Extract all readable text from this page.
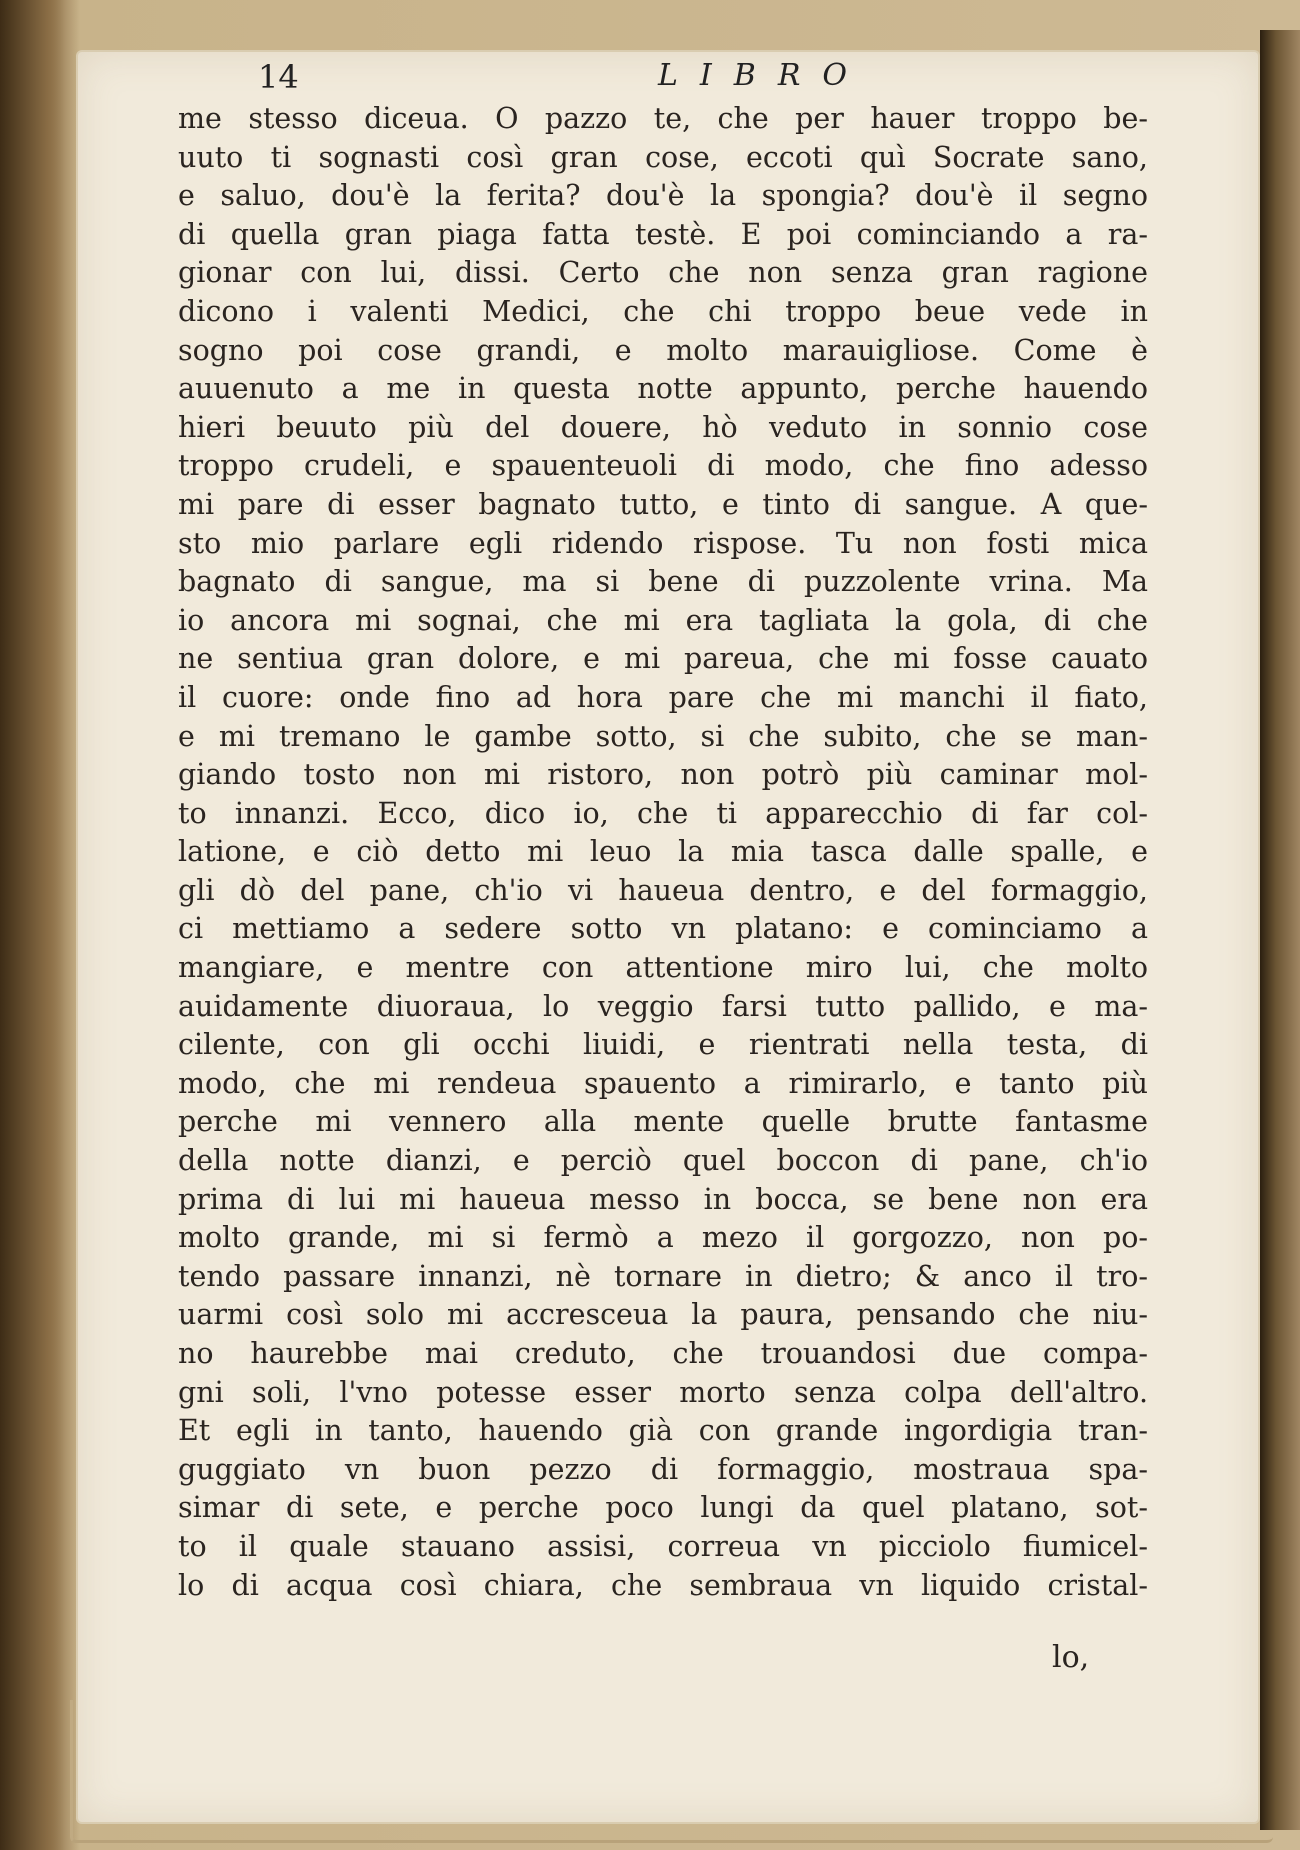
14	LIBRO
me stesso diceua. O pazzo te, che per hauer troppo be-
uuto ti sognasti così gran cose, eccoti quì Socrate sano,
e saluo, dou'è la ferita? dou'è la spongia? dou'è il segno
di quella gran piaga fatta testè. E poi cominciando a ra-
gionar con lui, dissi. Certo che non senza gran ragione
dicono i valenti Medici, che chi troppo beue vede in
sogno poi cose grandi, e molto marauigliose. Come è
auuenuto a me in questa notte appunto, perche hauendo
hieri beuuto più del douere, hò veduto in sonnio cose
troppo crudeli, e spauenteuoli di modo, che fino adesso
mi pare di esser bagnato tutto, e tinto di sangue. A que-
sto mio parlare egli ridendo rispose. Tu non fosti mica
bagnato di sangue, ma si bene di puzzolente vrina. Ma
io ancora mi sognai, che mi era tagliata la gola, di che
ne sentiua gran dolore, e mi pareua, che mi fosse cauato
il cuore: onde fino ad hora pare che mi manchi il fiato,
e mi tremano le gambe sotto, si che subito, che se man-
giando tosto non mi ristoro, non potrò più caminar mol-
to innanzi. Ecco, dico io, che ti apparecchio di far col-
latione, e ciò detto mi leuo la mia tasca dalle spalle, e
gli dò del pane, ch'io vi haueua dentro, e del formaggio,
ci mettiamo a sedere sotto vn platano: e cominciamo a
mangiare, e mentre con attentione miro lui, che molto
auidamente diuoraua, lo veggio farsi tutto pallido, e ma-
cilente, con gli occhi liuidi, e rientrati nella testa, di
modo, che mi rendeua spauento a rimirarlo, e tanto più
perche mi vennero alla mente quelle brutte fantasme
della notte dianzi, e perciò quel boccon di pane, ch'io
prima di lui mi haueua messo in bocca, se bene non era
molto grande, mi si fermò a mezo il gorgozzo, non po-
tendo passare innanzi, nè tornare in dietro; & anco il tro-
uarmi così solo mi accresceua la paura, pensando che niu-
no haurebbe mai creduto, che trouandosi due compa-
gni soli, l'vno potesse esser morto senza colpa dell'altro.
Et egli in tanto, hauendo già con grande ingordigia tran-
guggiato vn buon pezzo di formaggio, mostraua spa-
simar di sete, e perche poco lungi da quel platano, sot-
to il quale stauano assisi, correua vn picciolo fiumicel-
lo di acqua così chiara, che sembraua vn liquido cristal-
lo,
